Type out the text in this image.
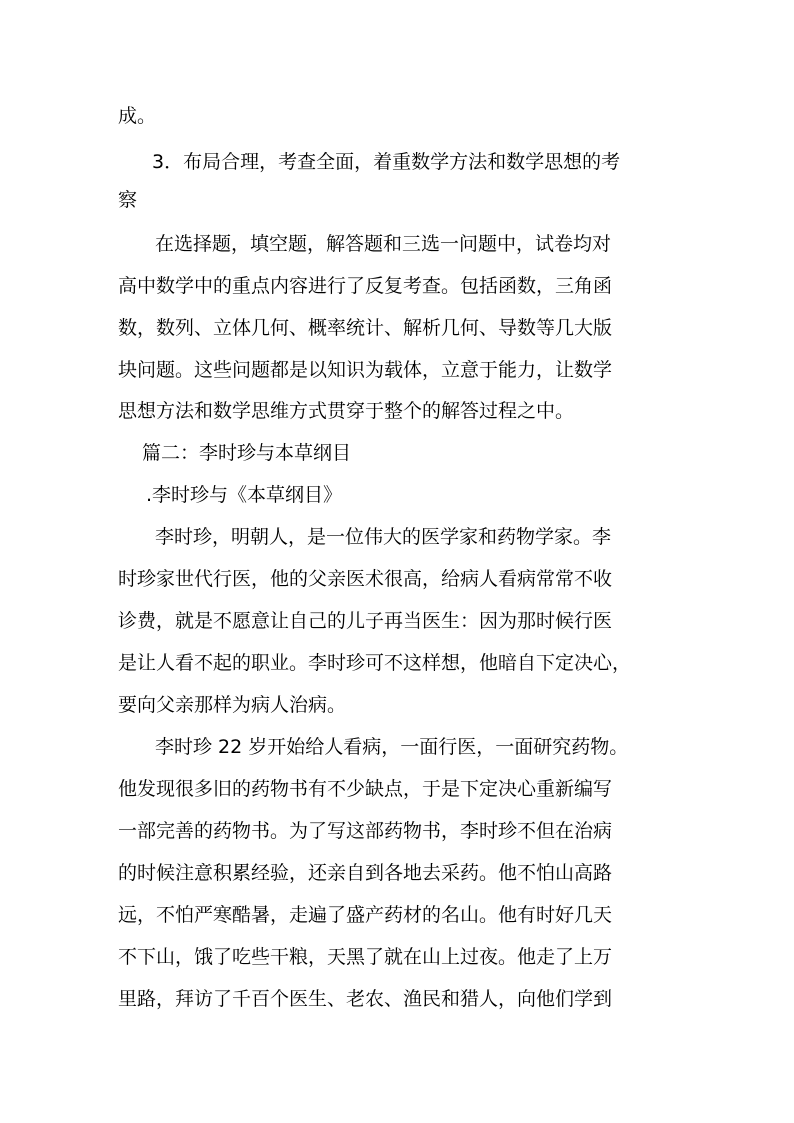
成。
3．布局合理，考查全面，着重数学方法和数学思想的考
察
在选择题，填空题，解答题和三选一问题中，试卷均对
高中数学中的重点内容进行了反复考查。包括函数，三角函
数，数列、立体几何、概率统计、解析几何、导数等几大版
块问题。这些问题都是以知识为载体，立意于能力，让数学
思想方法和数学思维方式贯穿于整个的解答过程之中。
篇二：李时珍与本草纲目
.李时珍与《本草纲目》
李时珍，明朝人，是一位伟大的医学家和药物学家。李
时珍家世代行医，他的父亲医术很高，给病人看病常常不收
诊费，就是不愿意让自己的儿子再当医生：因为那时候行医
是让人看不起的职业。李时珍可不这样想，他暗自下定决心，
要向父亲那样为病人治病。
李时珍 22 岁开始给人看病，一面行医，一面研究药物。
他发现很多旧的药物书有不少缺点，于是下定决心重新编写
一部完善的药物书。为了写这部药物书，李时珍不但在治病
的时候注意积累经验，还亲自到各地去采药。他不怕山高路
远，不怕严寒酷暑，走遍了盛产药材的名山。他有时好几天
不下山，饿了吃些干粮，天黑了就在山上过夜。他走了上万
里路，拜访了千百个医生、老农、渔民和猎人，向他们学到
